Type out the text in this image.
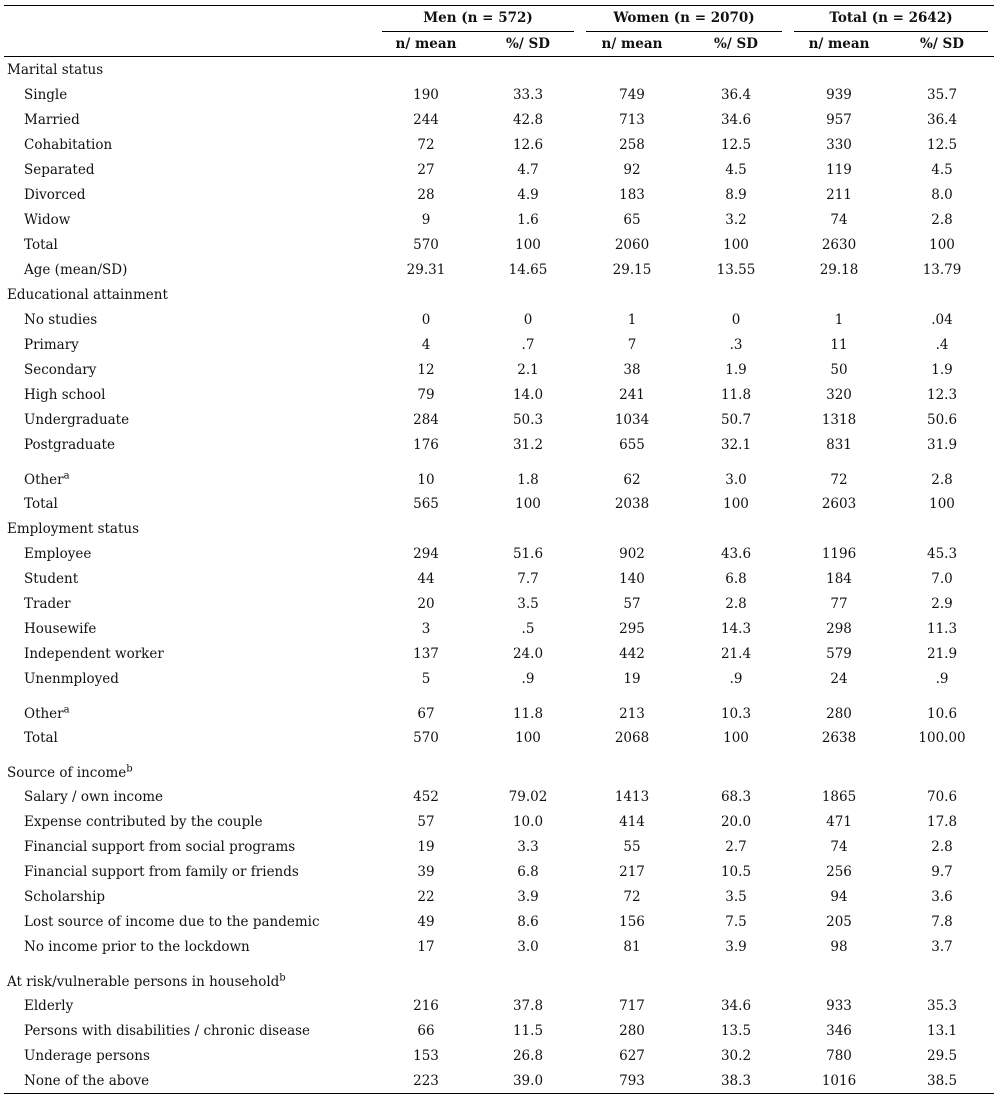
	Men (n = 572)		Women (n = 2070)		Total (n = 2642)	

	n/ mean	%/ SD	n/ mean	%/ SD	n/ mean	%/ SD
Marital status						
Single	190	33.3	749	36.4	939	35.7
Married	244	42.8	713	34.6	957	36.4
Cohabitation	72	12.6	258	12.5	330	12.5
Separated	27	4.7	92	4.5	119	4.5
Divorced	28	4.9	183	8.9	211	8.0
Widow	9	1.6	65	3.2	74	2.8
Total	570	100	2060	100	2630	100
Age (mean/SD)	29.31	14.65	29.15	13.55	29.18	13.79
Educational attainment						
No studies	0	0	1	0	1	.04
Primary	4	.7	7	.3	11	.4
Secondary	12	2.1	38	1.9	50	1.9
High school	79	14.0	241	11.8	320	12.3
Undergraduate	284	50.3	1034	50.7	1318	50.6
Postgraduate	176	31.2	655	32.1	831	31.9
Other$^a$	10	1.8	62	3.0	72	2.8
Total	565	100	2038	100	2603	100
Employment status						
Employee	294	51.6	902	43.6	1196	45.3
Student	44	7.7	140	6.8	184	7.0
Trader	20	3.5	57	2.8	77	2.9
Housewife	3	.5	295	14.3	298	11.3
Independent worker	137	24.0	442	21.4	579	21.9
Unenmployed	5	.9	19	.9	24	.9
Other$^a$	67	11.8	213	10.3	280	10.6
Total	570	100	2068	100	2638	100.00
Source of income$^b$						
Salary / own income	452	79.02	1413	68.3	1865	70.6
Expense contributed by the couple	57	10.0	414	20.0	471	17.8
Financial support from social programs	19	3.3	55	2.7	74	2.8
Financial support from family or friends	39	6.8	217	10.5	256	9.7
Scholarship	22	3.9	72	3.5	94	3.6
Lost source of income due to the pandemic	49	8.6	156	7.5	205	7.8
No income prior to the lockdown	17	3.0	81	3.9	98	3.7
At risk/vulnerable persons in household$^b$						
Elderly	216	37.8	717	34.6	933	35.3
Persons with disabilities / chronic disease	66	11.5	280	13.5	346	13.1
Underage persons	153	26.8	627	30.2	780	29.5
None of the above	223	39.0	793	38.3	1016	38.5
